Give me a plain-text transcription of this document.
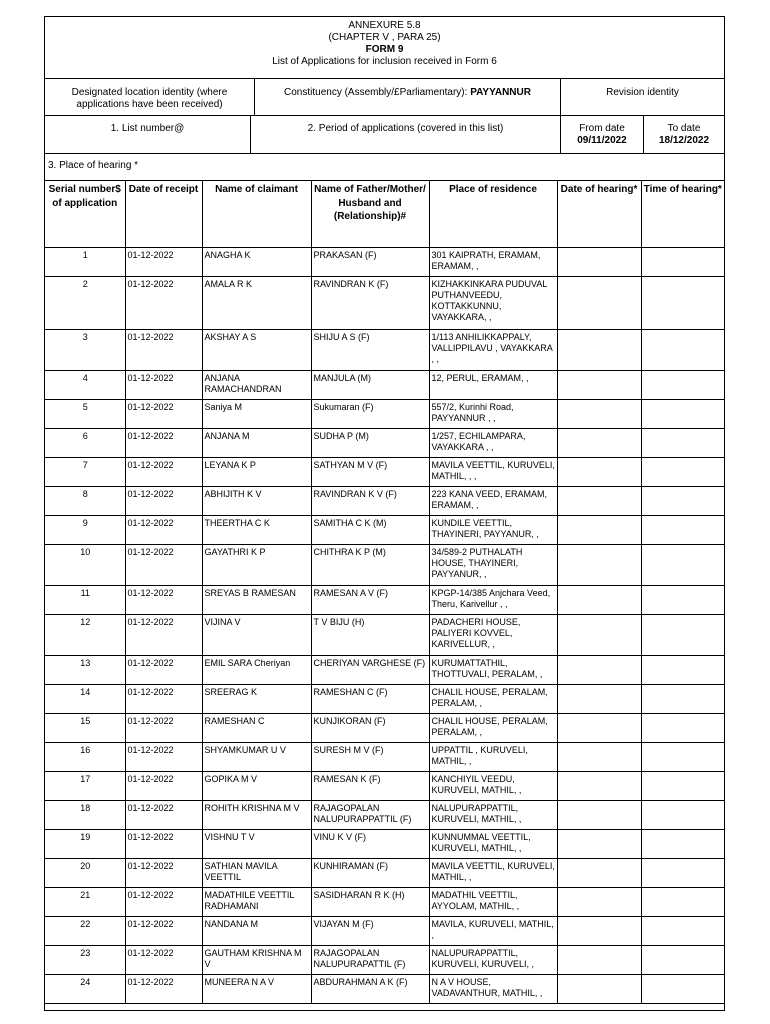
ANNEXURE 5.8
(CHAPTER V , PARA 25)
FORM 9
List of Applications for inclusion received in Form 6
Designated location identity (where applications have been received)
Constituency (Assembly/£Parliamentary): PAYYANNUR	Revision identity
1. List number@	2. Period of applications (covered in this list)	From date
09/11/2022
To date
18/12/2022
3. Place of hearing *
Serial number$ of application	Date of receipt	Name of claimant	Name of Father/Mother/ Husband and (Relationship)#	Place of residence	Date of hearing*	Time of hearing*
1	01-12-2022	ANAGHA K	PRAKASAN (F)	301 KAIPRATH, ERAMAM, ERAMAM, ,		
2	01-12-2022	AMALA R K	RAVINDRAN K (F)	KIZHAKKINKARA PUDUVAL PUTHANVEEDU, KOTTAKKUNNU, VAYAKKARA, ,		
3	01-12-2022	AKSHAY A S	SHIJU A S (F)	1/113 ANHILIKKAPPALY, VALLIPPILAVU , VAYAKKARA , ,		
4	01-12-2022	ANJANA RAMACHANDRAN	MANJULA (M)	12, PERUL, ERAMAM, ,		
5	01-12-2022	Saniya M	Sukumaran (F)	557/2, Kurinhi Road, PAYYANNUR , ,		
6	01-12-2022	ANJANA M	SUDHA P (M)	1/257, ECHILAMPARA, VAYAKKARA , ,		
7	01-12-2022	LEYANA K P	SATHYAN M V (F)	MAVILA VEETTIL, KURUVELI, MATHIL, , ,		
8	01-12-2022	ABHIJITH K V	RAVINDRAN K V (F)	223 KANA VEED, ERAMAM, ERAMAM, ,		
9	01-12-2022	THEERTHA C K	SAMITHA C K (M)	KUNDILE VEETTIL, THAYINERI, PAYYANUR, ,		
10	01-12-2022	GAYATHRI K P	CHITHRA K P (M)	34/589-2 PUTHALATH HOUSE, THAYINERI, PAYYANUR, ,		
11	01-12-2022	SREYAS B RAMESAN	RAMESAN A V (F)	KPGP-14/385 Anjchara Veed, Theru, Karivellur , ,		
12	01-12-2022	VIJINA V	T V BIJU (H)	PADACHERI HOUSE, PALIYERI KOVVEL, KARIVELLUR, ,		
13	01-12-2022	EMIL SARA Cheriyan	CHERIYAN VARGHESE (F)	KURUMATTATHIL, THOTTUVALI, PERALAM, ,		
14	01-12-2022	SREERAG K	RAMESHAN C (F)	CHALIL HOUSE, PERALAM, PERALAM, ,		
15	01-12-2022	RAMESHAN C	KUNJIKORAN (F)	CHALIL HOUSE, PERALAM, PERALAM, ,		
16	01-12-2022	SHYAMKUMAR U V	SURESH M V (F)	UPPATTIL , KURUVELI, MATHIL, ,		
17	01-12-2022	GOPIKA M V	RAMESAN K (F)	KANCHIYIL VEEDU, KURUVELI, MATHIL, ,		
18	01-12-2022	ROHITH KRISHNA M V	RAJAGOPALAN NALUPURAPPATTIL (F)	NALUPURAPPATTIL, KURUVELI, MATHIL, ,		
19	01-12-2022	VISHNU T V	VINU K V (F)	KUNNUMMAL VEETTIL, KURUVELI, MATHIL, ,		
20	01-12-2022	SATHIAN MAVILA VEETTIL	KUNHIRAMAN (F)	MAVILA VEETTIL, KURUVELI, MATHIL, ,		
21	01-12-2022	MADATHILE VEETTIL RADHAMANI	SASIDHARAN R K (H)	MADATHIL VEETTIL, AYYOLAM, MATHIL, ,		
22	01-12-2022	NANDANA M	VIJAYAN M (F)	MAVILA, KURUVELI, MATHIL, ,		
23	01-12-2022	GAUTHAM KRISHNA M V	RAJAGOPALAN NALUPURAPATTIL (F)	NALUPURAPPATTIL, KURUVELI, KURUVELI, ,		
24	01-12-2022	MUNEERA N A V	ABDURAHMAN A K (F)	N A V HOUSE, VADAVANTHUR, MATHIL, ,		
